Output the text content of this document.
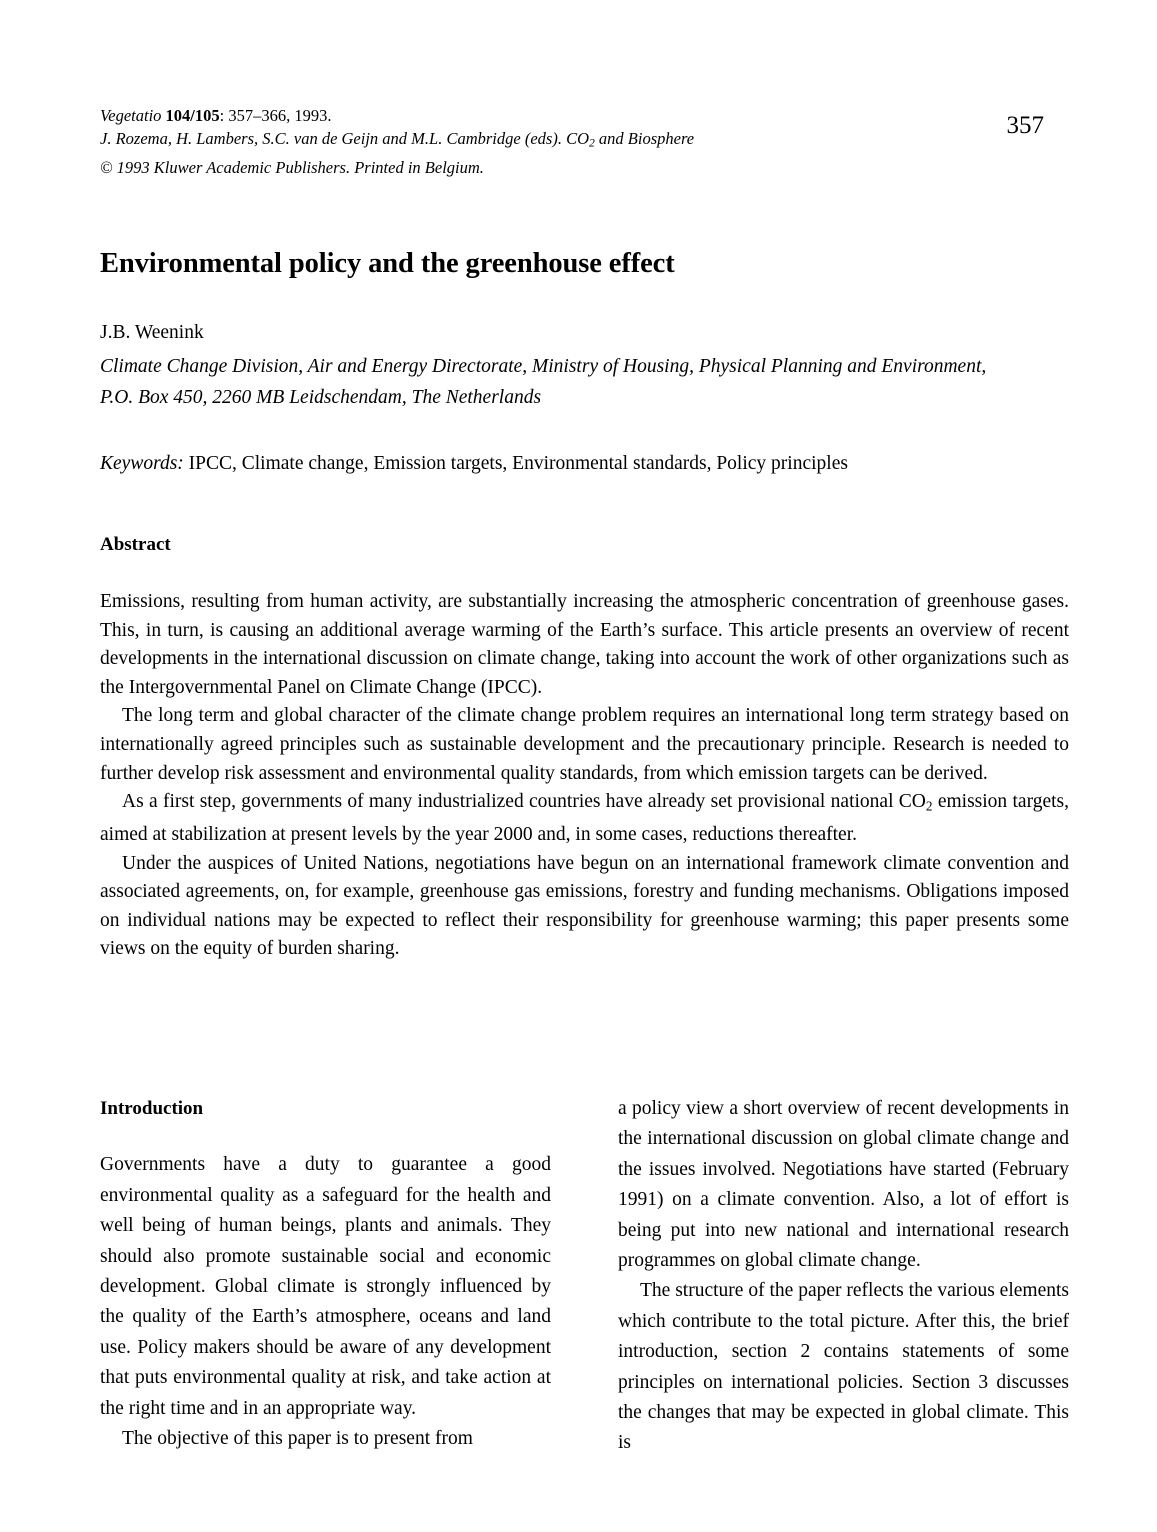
Vegetatio 104/105: 357–366, 1993.
J. Rozema, H. Lambers, S.C. van de Geijn and M.L. Cambridge (eds). $CO_2$ and Biosphere
© 1993 Kluwer Academic Publishers. Printed in Belgium.
357
Environmental policy and the greenhouse effect
J.B. Weenink
Climate Change Division, Air and Energy Directorate, Ministry of Housing, Physical Planning and Environment, P.O. Box 450, 2260 MB Leidschendam, The Netherlands
Keywords: IPCC, Climate change, Emission targets, Environmental standards, Policy principles
Abstract

Emissions, resulting from human activity, are substantially increasing the atmospheric concentration of greenhouse gases. This, in turn, is causing an additional average warming of the Earth’s surface. This article presents an overview of recent developments in the international discussion on climate change, taking into account the work of other organizations such as the Intergovernmental Panel on Climate Change (IPCC).

The long term and global character of the climate change problem requires an international long term strategy based on internationally agreed principles such as sustainable development and the precautionary principle. Research is needed to further develop risk assessment and environmental quality standards, from which emission targets can be derived.

As a first step, governments of many industrialized countries have already set provisional national $CO_2$ emission targets, aimed at stabilization at present levels by the year 2000 and, in some cases, reductions thereafter.

Under the auspices of United Nations, negotiations have begun on an international framework climate convention and associated agreements, on, for example, greenhouse gas emissions, forestry and funding mechanisms. Obligations imposed on individual nations may be expected to reflect their responsibility for greenhouse warming; this paper presents some views on the equity of burden sharing.

Introduction

Governments have a duty to guarantee a good environmental quality as a safeguard for the health and well being of human beings, plants and animals. They should also promote sustainable social and economic development. Global climate is strongly influenced by the quality of the Earth’s atmosphere, oceans and land use. Policy makers should be aware of any development that puts environmental quality at risk, and take action at the right time and in an appropriate way.

The objective of this paper is to present from

a policy view a short overview of recent developments in the international discussion on global climate change and the issues involved. Negotiations have started (February 1991) on a climate convention. Also, a lot of effort is being put into new national and international research programmes on global climate change.

The structure of the paper reflects the various elements which contribute to the total picture. After this, the brief introduction, section 2 contains statements of some principles on international policies. Section 3 discusses the changes that may be expected in global climate. This is
